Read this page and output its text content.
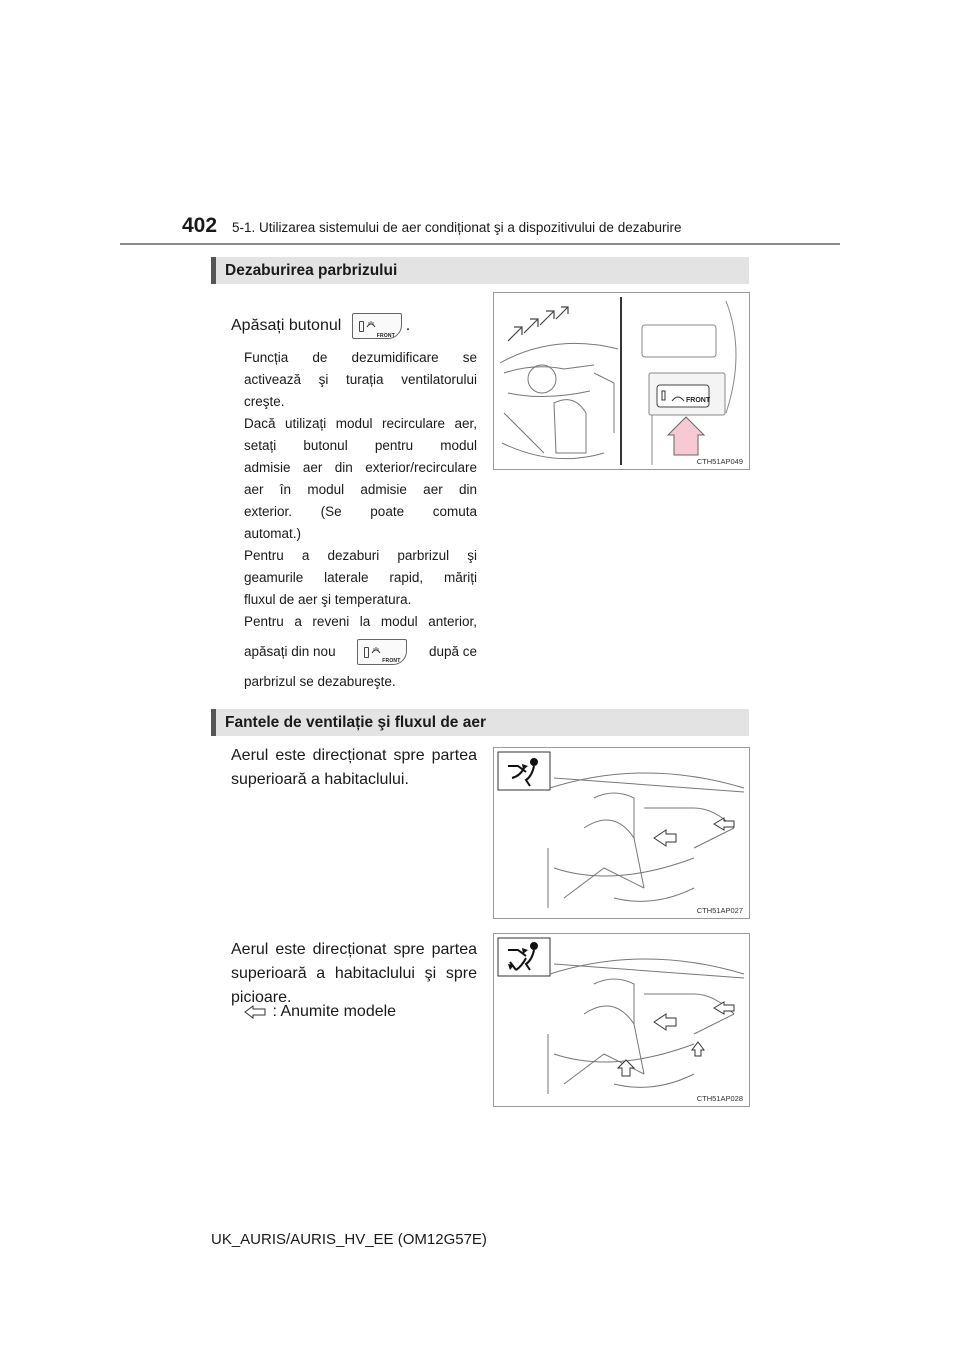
402 5-1. Utilizarea sistemului de aer condiționat şi a dispozitivului de dezaburire
Dezaburirea parbrizului
Apăsați butonul
FRONT
.
Funcția de dezumidificare se
activează şi turația ventilatorului
creşte.
Dacă utilizați modul recirculare aer,
setați butonul pentru modul
admisie aer din exterior/recirculare
aer în modul admisie aer din
exterior. (Se poate comuta
automat.)
Pentru a dezaburi parbrizul şi
geamurile laterale rapid, măriți
fluxul de aer şi temperatura.
Pentru a reveni la modul anterior,
apăsați din nou
FRONT
după ce
parbrizul se dezabureşte.
FRONT
CTH51AP049
Fantele de ventilație şi fluxul de aer
Aerul este direcționat spre partea
superioară a habitaclului.
CTH51AP027
Aerul este direcționat spre partea
superioară a habitaclului şi spre
picioare.
: Anumite modele
CTH51AP028
UK_AURIS/AURIS_HV_EE (OM12G57E)
